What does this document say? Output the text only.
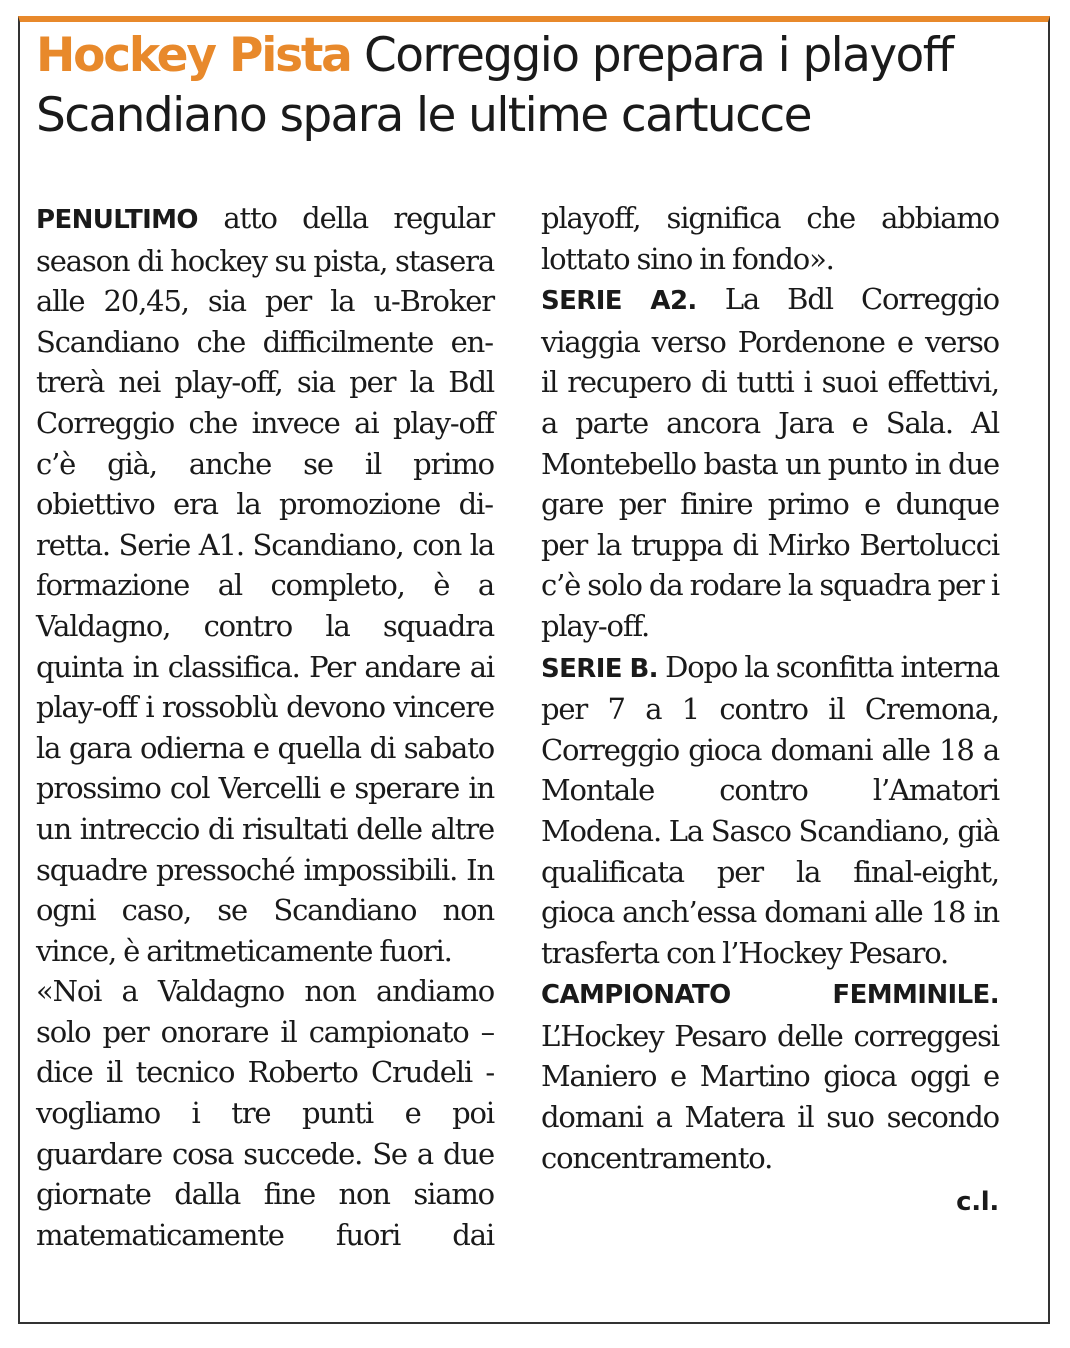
Hockey Pista Correggio prepara i playoff
Scandiano spara le ultime cartucce

PENULTIMO atto della regular season di hockey su pista, stasera alle 20,45, sia per la u-Broker Scandiano che difficilmente entrerà nei play-off, sia per la Bdl Correggio che invece ai play-off c’è già, anche se il primo obiettivo era la promozione diretta. Serie A1. Scandiano, con la formazione al completo, è a Valdagno, contro la squadra quinta in classifica. Per andare ai play-off i rossoblù devono vincere la gara odierna e quella di sabato prossimo col Vercelli e sperare in un intreccio di risultati delle altre squadre pressoché impossibili. In ogni caso, se Scandiano non vince, è aritmeticamente fuori.

«Noi a Valdagno non andiamo solo per onorare il campionato – dice il tecnico Roberto Crudeli - vogliamo i tre punti e poi guardare cosa succede. Se a due giornate dalla fine non siamo matematicamente fuori dai

playoff, significa che abbiamo lottato sino in fondo».

SERIE A2. La Bdl Correggio viaggia verso Pordenone e verso il recupero di tutti i suoi effettivi, a parte ancora Jara e Sala. Al Montebello basta un punto in due gare per finire primo e dunque per la truppa di Mirko Bertolucci c’è solo da rodare la squadra per i play-off.

SERIE B. Dopo la sconfitta interna per 7 a 1 contro il Cremona, Correggio gioca domani alle 18 a Montale contro l’Amatori Modena. La Sasco Scandiano, già qualificata per la final-eight, gioca anch’essa domani alle 18 in trasferta con l’Hockey Pesaro.

CAMPIONATO FEMMINILE. L’Hockey Pesaro delle correggesi Maniero e Martino gioca oggi e domani a Matera il suo secondo concentramento.

c.l.
